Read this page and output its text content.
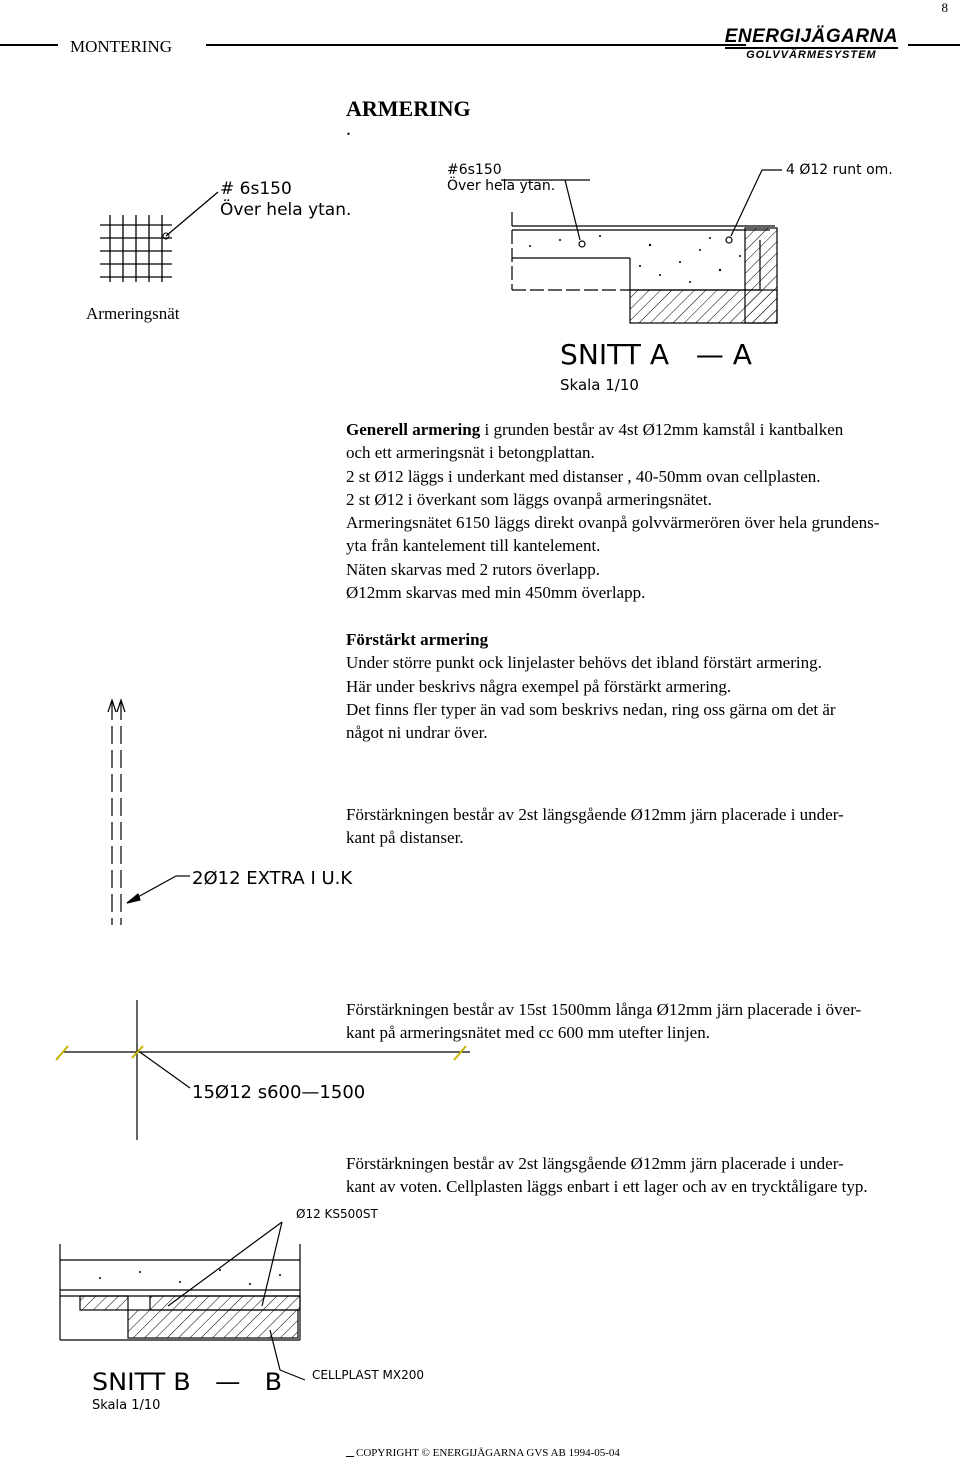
8
MONTERING	ENERGIJÄGARNA
GOLVVÄRMESYSTEM
ARMERING
.
# 6s150
Över hela ytan.
#6s150
Över hela ytan.
4 Ø12 runt om.
SNITT A   — A
Skala 1/10
2Ø12 EXTRA I U.K
15Ø12 s600—1500
Ø12 KS500ST
CELLPLAST MX200
SNITT B   —   B
Skala 1/10
Armeringsnät

Generell armering i grunden består av 4st Ø12mm kamstål i kantbalken

och ett armeringsnät i betongplattan.

2 st Ø12 läggs i underkant med distanser , 40-50mm ovan cellplasten.

2 st Ø12 i överkant som läggs ovanpå armeringsnätet.

Armeringsnätet 6150 läggs direkt ovanpå golvvärmerören över hela grundens-

yta från kantelement till kantelement.

Näten skarvas med 2 rutors överlapp.

Ø12mm skarvas med min 450mm överlapp.

Förstärkt armering

Under större punkt ock linjelaster behövs det ibland förstärt armering.

Här under beskrivs några exempel på förstärkt armering.

Det finns fler typer än vad som beskrivs nedan, ring oss gärna om det är

något ni undrar över.

Förstärkningen består av 2st längsgående Ø12mm järn placerade i under-

kant på distanser.

Förstärkningen består av 15st 1500mm långa Ø12mm järn placerade i över-

kant på armeringsnätet med cc 600 mm utefter linjen.

Förstärkningen består av 2st längsgående Ø12mm järn placerade i under-

kant av voten. Cellplasten läggs enbart i ett lager och av en trycktåligare typ.

COPYRIGHT © ENERGIJÄGARNA GVS AB 1994-05-04
